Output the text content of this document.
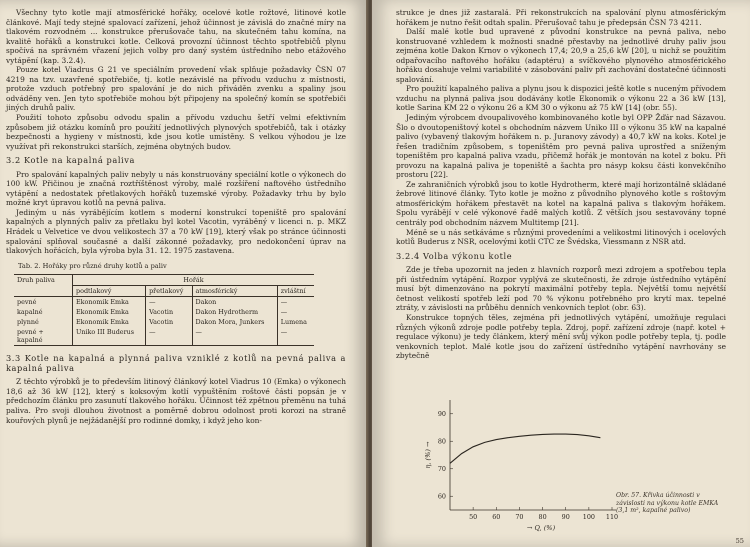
Všechny tyto kotle mají atmosférické hořáky, ocelové kotle rožtové, litinové kotle článkové. Mají tedy stejné spalovací zařízení, jehož účinnost je závislá do značné míry na tlakovém rozvodném ... konstrukce přerušovače tahu, na skutečném tahu komína, na kvalitě hořáků a konstrukci kotle. Celková provozní účinnost těchto spotřebičů plynu spočívá na správném vřazení jejich volby pro daný systém ústředního nebo etážového vytápění (kap. 3.2.4).

Pouze kotel Viadrus G 21 ve speciálním provedení však splňuje požadavky ČSN 07 4219 na tzv. uzavřené spotřebiče, tj. kotle nezávislé na přívodu vzduchu z místnosti, protože vzduch potřebný pro spalování je do nich přiváděn zvenku a spaliny jsou odváděny ven. Jen tyto spotřebiče mohou být připojeny na společný komín se spotřebiči jiných druhů paliv.

Použití tohoto způsobu odvodu spalin a přívodu vzduchu šetří velmi efektivním způsobem již otázku komínů pro použití jednotlivých plynových spotřebičů, tak i otázky bezpečnosti a hygieny v místnosti, kde jsou kotle umístěny. S velkou výhodou je lze využívat při rekonstrukci starších, zejména obytných budov.

3.2 Kotle na kapalná paliva

Pro spalování kapalných paliv nebyly u nás konstruovány speciální kotle o výkonech do 100 kW. Přičinou je značná roztříštěnost výroby, malé rozšíření naftového ústředního vytápění a nedostatek přetlakových hořáků tuzemské výroby. Požadavky trhu by bylo možné kryt úpravou kotlů na pevná paliva.

Jediným u nás vyrábějícím kotlem s moderní konstrukcí topeniště pro spalování kapalných a plynných paliv za přetlaku byl kotel Vacotin, vyráběný v licenci n. p. MKZ Hrádek u Velvetice ve dvou velikostech 37 a 70 kW [19], který však po stránce účinnosti spalování splňoval současné a další zákonné požadavky, pro nedokončení úprav na tlakových hořácích, byla výroba byla 31. 12. 1975 zastavena.

Tab. 2. Hořáky pro různé druhy kotlů a paliv
Druh paliva	Hořák			
	podtlakový	přetlakový	atmosférický	zvláštní
pevné	Ekonomik Emka	—	Dakon	—
kapalné	Ekonomik Emka	Vacotin	Dakon Hydrotherm	—
plynné	Ekonomik Emka	Vacotin	Dakon Mora, Junkers	Lumena
pevné + kapalné	Uniko III Buderus	—	—	—
3.3 Kotle na kapalná a plynná paliva vzniklé z kotlů na pevná paliva a kapalná paliva

Z těchto výrobků je to především litinový článkový kotel Viadrus 10 (Emka) o výkonech 18,6 až 36 kW [12], který s koksovým kotlí vypuštěním roštové části popsán je v předchozím článku pro zasunutí tlakového hořáku. Účinnost též zpětnou přeměnu na tuhá paliva. Pro svoji dlouhou životnost a poměrně dobrou odolnost proti korozi na straně kouřových plynů je nejžádanější pro rodinné domky, i když jeho kon-

strukce je dnes již zastaralá. Při rekonstrukcích na spalování plynu atmosférickým hořákem je nutno řešit odtah spalin. Přerušovač tahu je předepsán ČSN 73 4211.

Další malé kotle bud upravené z původní konstrukce na pevná paliva, nebo konstruované vzhledem k možnosti snadné přestavby na jednotlivé druhy paliv jsou zejména kotle Dakon Krnov o výkonech 17,4; 20,9 a 25,6 kW [20], u nichž se použitím odpařovacího naftového hořáku (adaptéru) a svíčkového plynového atmosférického hořáku dosahuje velmi variabilité v zásobování paliv při zachování dostatečné účinnosti spalování.

Pro použití kapalného paliva a plynu jsou k dispozici ještě kotle s nuceným přívodem vzduchu na plynná paliva jsou dodávány kotle Ekonomik o výkonu 22 a 36 kW [13], kotle Sarina KM 22 o výkonu 26 a KM 30 o výkonu až 75 kW [14] (obr. 55).

Jediným výrobcem dvoupalivového kombinovaného kotle byl OPP Žďár nad Sázavou. Šlo o dvoutopeništový kotel s obchodním názvem Uniko III o výkonu 35 kW na kapalné palivo (vybavený tlakovým hořákem n. p. Juranovy závody) a 40,7 kW na koks. Kotel je řešen tradičním způsobem, s topeništěm pro pevná paliva uprostřed a sníženým topeništěm pro kapalná paliva vzadu, přičemž hořák je montován na kotel z boku. Při provozu na kapalná paliva je topeniště a šachta pro násyp koksu části konvekčního prostoru [22].

Ze zahraničních výrobků jsou to kotle Hydrotherm, které mají horizontálně skládané žebrové litinové články. Tyto kotle je možno z původního plynového kotle s roštovým atmosférickým hořákem přestavět na kotel na kapalná paliva s tlakovým hořákem. Spolu vyrábějí v celé výkonové řadě malých kotlů. Z větších jsou sestavovány topné centrály pod obchodním názvem Multitemp [21].

Méně se u nás setkáváme s různými provedeními a velikostmi litinových i ocelových kotlů Buderus z NSR, ocelovými kotli CTC ze Švédska, Viessmann z NSR atd.

3.2.4 Volba výkonu kotle

Zde je třeba upozornit na jeden z hlavních rozporů mezi zdrojem a spotřebou tepla při ústředním vytápění. Rozpor vyplývá ze skutečnosti, že zdroje ústředního vytápění musí být dimenzováno na pokrytí maximální potřeby tepla. Největší tomu největší četnost velikostí spotřeb leží pod 70 % výkonu potřebného pro krytí max. tepelné ztráty, v závislosti na průběhu denních venkovních teplot (obr. 63).

Konstrukce topných těles, zejména při jednotlivých vytápění, umožňuje regulaci různých výkonů zdroje podle potřeby tepla. Zdroj, popř. zařízení zdroje (např. kotel + regulace výkonu) je tedy článkem, který mění svůj výkon podle potřeby tepla, tj. podle venkovních teplot. Malé kotle jsou do zařízení ústředního vytápění navrhovány se zbytečně

50 60 70 80 90 100 110
60
70
80
90
→ Q, (%)
η, (%) →
Obr. 57. Křivka účinnosti v závislosti na výkonu kotle EMKA (3,1 m², kapalné palivo)
55
